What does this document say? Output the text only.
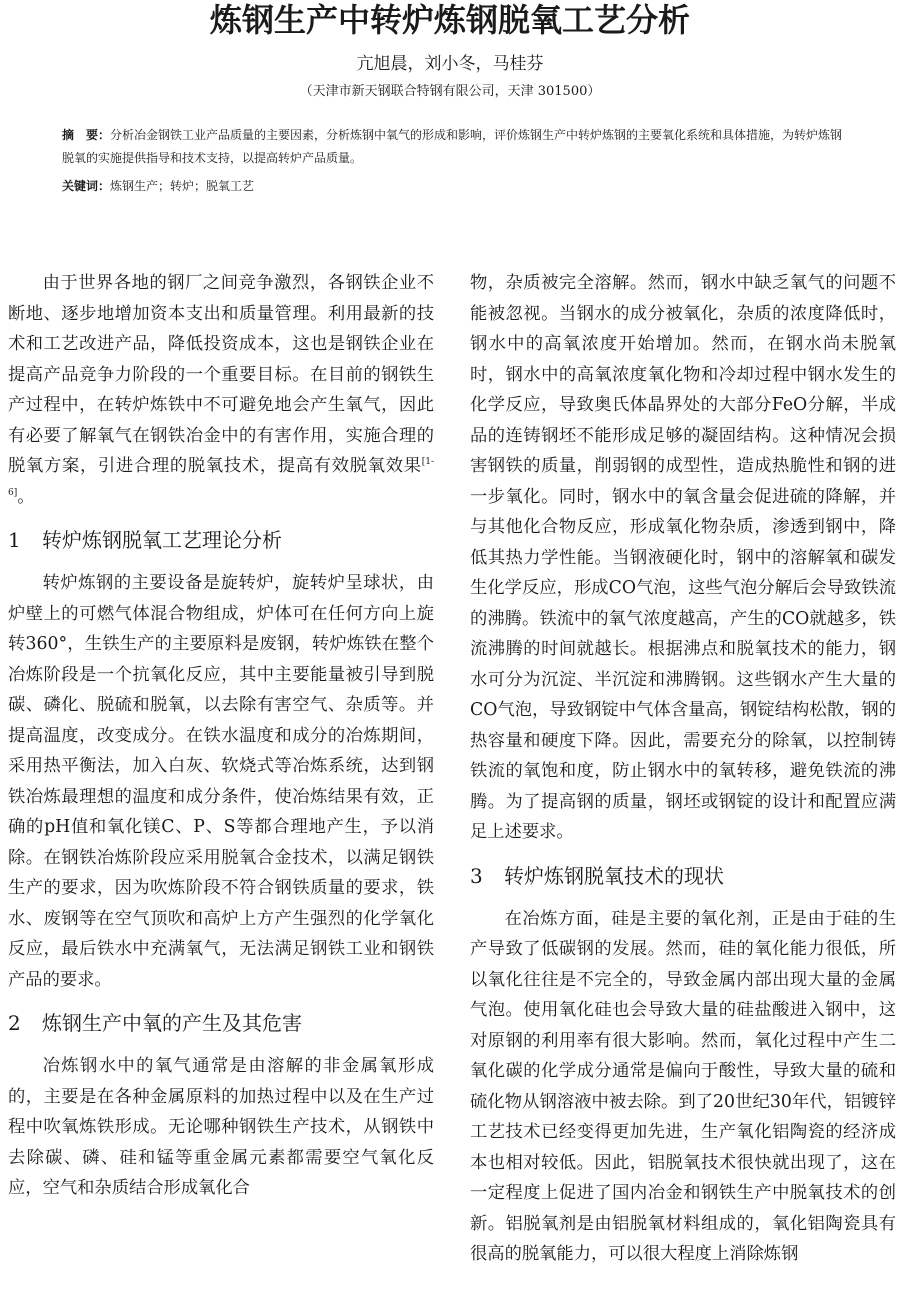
炼钢生产中转炉炼钢脱氧工艺分析
亢旭晨，刘小冬，马桂芬
（天津市新天钢联合特钢有限公司，天津 301500）

摘　要：分析冶金钢铁工业产品质量的主要因素，分析炼钢中氧气的形成和影响，评价炼钢生产中转炉炼钢的主要氧化系统和具体措施，为转炉炼钢脱氧的实施提供指导和技术支持，以提高转炉产品质量。

关键词：炼钢生产；转炉；脱氧工艺

由于世界各地的钢厂之间竞争激烈，各钢铁企业不断地、逐步地增加资本支出和质量管理。利用最新的技术和工艺改进产品，降低投资成本，这也是钢铁企业在提高产品竞争力阶段的一个重要目标。在目前的钢铁生产过程中，在转炉炼铁中不可避免地会产生氧气，因此有必要了解氧气在钢铁冶金中的有害作用，实施合理的脱氧方案，引进合理的脱氧技术，提高有效脱氧效果[1-6]。

1 转炉炼钢脱氧工艺理论分析

转炉炼钢的主要设备是旋转炉，旋转炉呈球状，由炉壁上的可燃气体混合物组成，炉体可在任何方向上旋转360°，生铁生产的主要原料是废钢，转炉炼铁在整个冶炼阶段是一个抗氧化反应，其中主要能量被引导到脱碳、磷化、脱硫和脱氧，以去除有害空气、杂质等。并提高温度，改变成分。在铁水温度和成分的冶炼期间，采用热平衡法，加入白灰、软烧式等冶炼系统，达到钢铁冶炼最理想的温度和成分条件，使冶炼结果有效，正确的pH值和氧化镁C、P、S等都合理地产生，予以消除。在钢铁冶炼阶段应采用脱氧合金技术，以满足钢铁生产的要求，因为吹炼阶段不符合钢铁质量的要求，铁水、废钢等在空气顶吹和高炉上方产生强烈的化学氧化反应，最后铁水中充满氧气，无法满足钢铁工业和钢铁产品的要求。

2 炼钢生产中氧的产生及其危害

冶炼钢水中的氧气通常是由溶解的非金属氧形成的，主要是在各种金属原料的加热过程中以及在生产过程中吹氧炼铁形成。无论哪种钢铁生产技术，从钢铁中去除碳、磷、硅和锰等重金属元素都需要空气氧化反应，空气和杂质结合形成氧化合

物，杂质被完全溶解。然而，钢水中缺乏氧气的问题不能被忽视。当钢水的成分被氧化，杂质的浓度降低时，钢水中的高氧浓度开始增加。然而，在钢水尚未脱氧时，钢水中的高氧浓度氧化物和冷却过程中钢水发生的化学反应，导致奥氏体晶界处的大部分FeO分解，半成品的连铸钢坯不能形成足够的凝固结构。这种情况会损害钢铁的质量，削弱钢的成型性，造成热脆性和钢的进一步氧化。同时，钢水中的氧含量会促进硫的降解，并与其他化合物反应，形成氧化物杂质，渗透到钢中，降低其热力学性能。当钢液硬化时，钢中的溶解氧和碳发生化学反应，形成CO气泡，这些气泡分解后会导致铁流的沸腾。铁流中的氧气浓度越高，产生的CO就越多，铁流沸腾的时间就越长。根据沸点和脱氧技术的能力，钢水可分为沉淀、半沉淀和沸腾钢。这些钢水产生大量的CO气泡，导致钢锭中气体含量高，钢锭结构松散，钢的热容量和硬度下降。因此，需要充分的除氧，以控制铸铁流的氧饱和度，防止钢水中的氧转移，避免铁流的沸腾。为了提高钢的质量，钢坯或钢锭的设计和配置应满足上述要求。

3 转炉炼钢脱氧技术的现状

在冶炼方面，硅是主要的氧化剂，正是由于硅的生产导致了低碳钢的发展。然而，硅的氧化能力很低，所以氧化往往是不完全的，导致金属内部出现大量的金属气泡。使用氧化硅也会导致大量的硅盐酸进入钢中，这对原钢的利用率有很大影响。然而，氧化过程中产生二氧化碳的化学成分通常是偏向于酸性，导致大量的硫和硫化物从钢溶液中被去除。到了20世纪30年代，铝镀锌工艺技术已经变得更加先进，生产氧化铝陶瓷的经济成本也相对较低。因此，铝脱氧技术很快就出现了，这在一定程度上促进了国内冶金和钢铁生产中脱氧技术的创新。铝脱氧剂是由铝脱氧材料组成的，氧化铝陶瓷具有很高的脱氧能力，可以很大程度上消除炼钢
